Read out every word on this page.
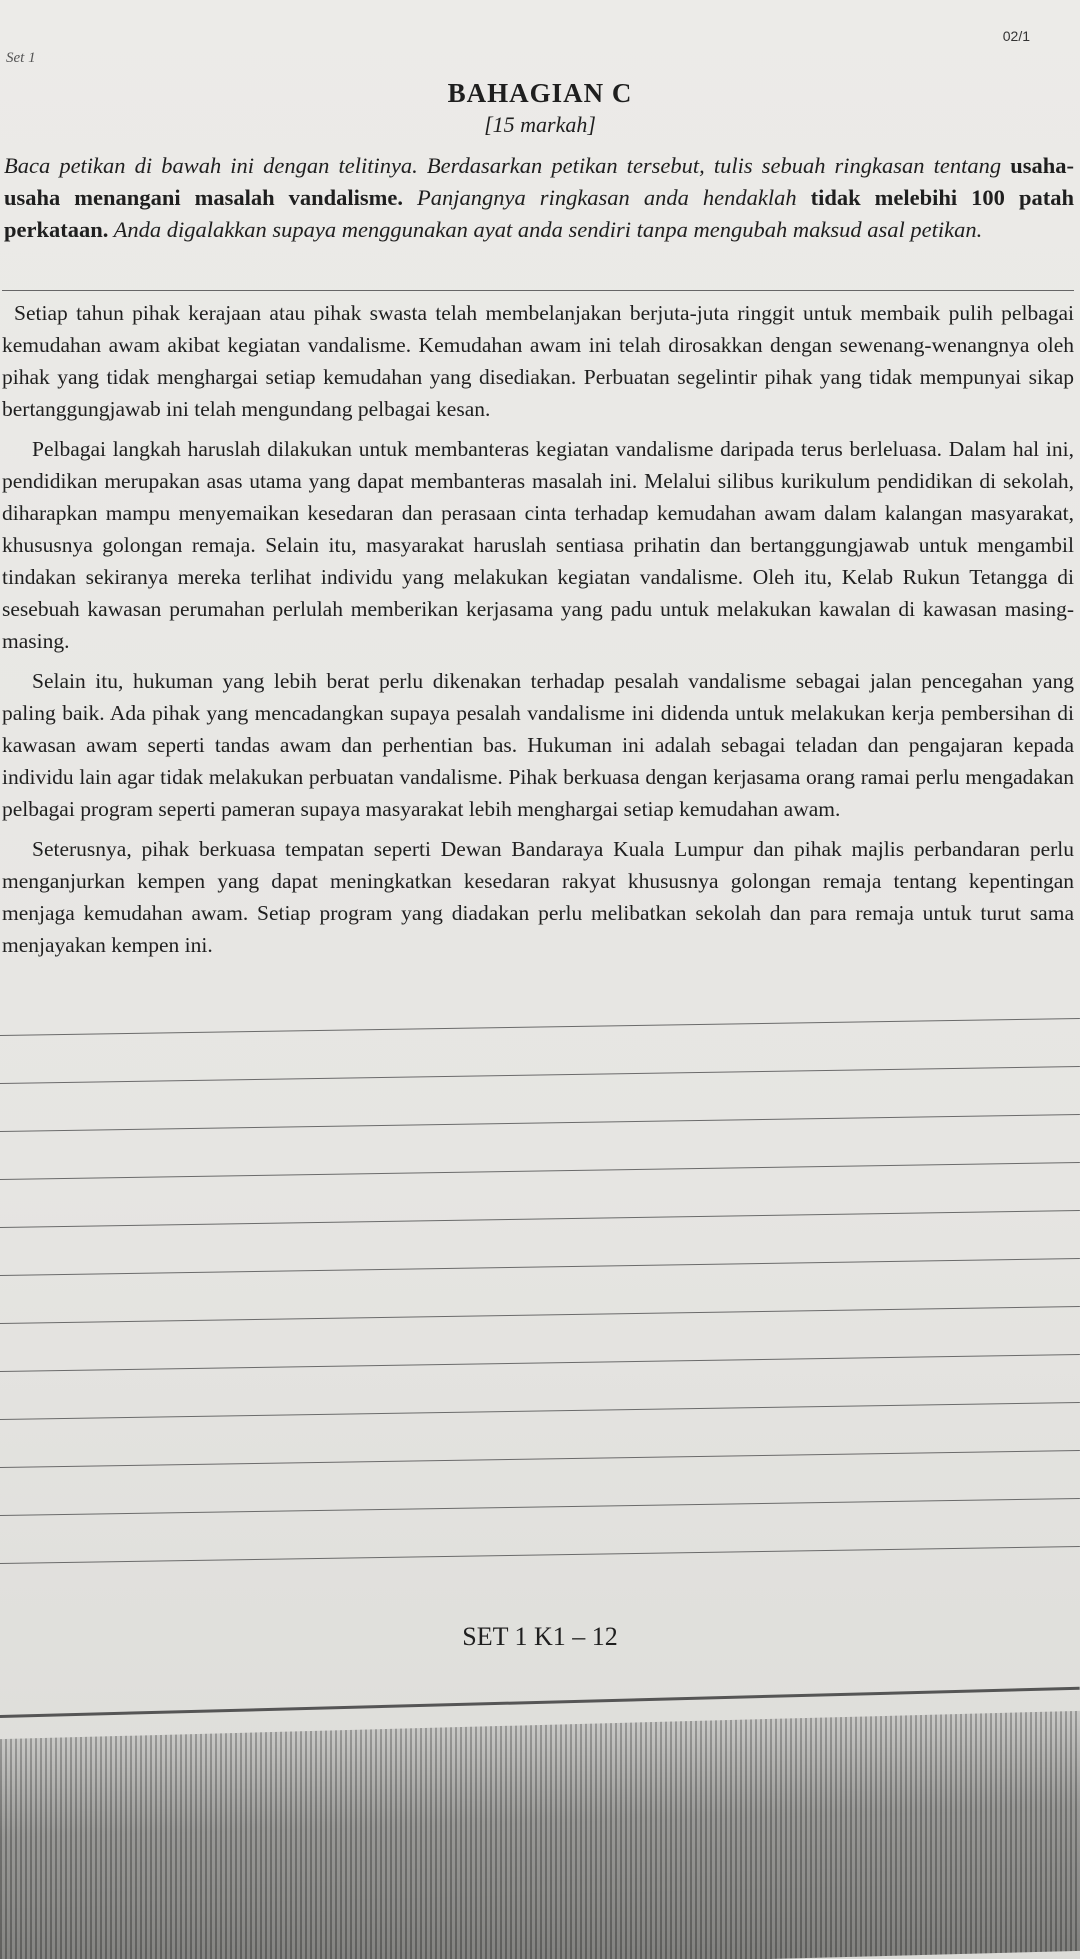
02/1
Set 1
BAHAGIAN C
[15 markah]
Baca petikan di bawah ini dengan telitinya. Berdasarkan petikan tersebut, tulis sebuah ringkasan tentang usaha-usaha menangani masalah vandalisme. Panjangnya ringkasan anda hendaklah tidak melebihi 100 patah perkataan. Anda digalakkan supaya menggunakan ayat anda sendiri tanpa mengubah maksud asal petikan.

Setiap tahun pihak kerajaan atau pihak swasta telah membelanjakan berjuta-juta ringgit untuk membaik pulih pelbagai kemudahan awam akibat kegiatan vandalisme. Kemudahan awam ini telah dirosakkan dengan sewenang-wenangnya oleh pihak yang tidak menghargai setiap kemudahan yang disediakan. Perbuatan segelintir pihak yang tidak mempunyai sikap bertanggungjawab ini telah mengundang pelbagai kesan.

Pelbagai langkah haruslah dilakukan untuk membanteras kegiatan vandalisme daripada terus berleluasa. Dalam hal ini, pendidikan merupakan asas utama yang dapat membanteras masalah ini. Melalui silibus kurikulum pendidikan di sekolah, diharapkan mampu menyemaikan kesedaran dan perasaan cinta terhadap kemudahan awam dalam kalangan masyarakat, khususnya golongan remaja. Selain itu, masyarakat haruslah sentiasa prihatin dan bertanggungjawab untuk mengambil tindakan sekiranya mereka terlihat individu yang melakukan kegiatan vandalisme. Oleh itu, Kelab Rukun Tetangga di sesebuah kawasan perumahan perlulah memberikan kerjasama yang padu untuk melakukan kawalan di kawasan masing-masing.

Selain itu, hukuman yang lebih berat perlu dikenakan terhadap pesalah vandalisme sebagai jalan pencegahan yang paling baik. Ada pihak yang mencadangkan supaya pesalah vandalisme ini didenda untuk melakukan kerja pembersihan di kawasan awam seperti tandas awam dan perhentian bas. Hukuman ini adalah sebagai teladan dan pengajaran kepada individu lain agar tidak melakukan perbuatan vandalisme. Pihak berkuasa dengan kerjasama orang ramai perlu mengadakan pelbagai program seperti pameran supaya masyarakat lebih menghargai setiap kemudahan awam.

Seterusnya, pihak berkuasa tempatan seperti Dewan Bandaraya Kuala Lumpur dan pihak majlis perbandaran perlu menganjurkan kempen yang dapat meningkatkan kesedaran rakyat khususnya golongan remaja tentang kepentingan menjaga kemudahan awam. Setiap program yang diadakan perlu melibatkan sekolah dan para remaja untuk turut sama menjayakan kempen ini.

SET 1 K1 – 12
